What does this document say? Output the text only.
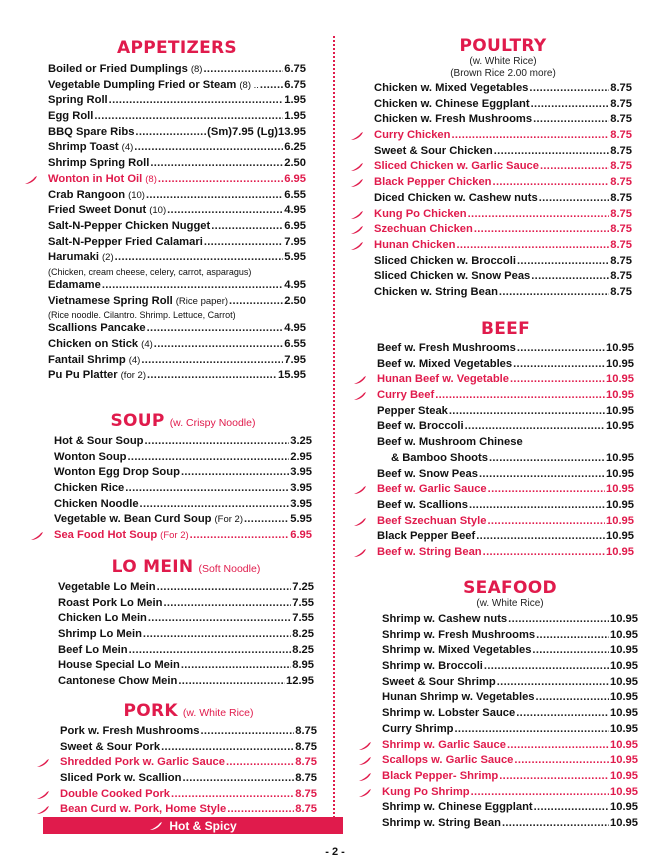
APPETIZERS
Boiled or Fried Dumplings (8) .....	6.75
Vegetable Dumpling Fried or Steam (8) .. ..... 6.75
Spring Roll .....	1.95
Egg Roll .....	1.95
BBQ Spare Ribs .....	(Sm)7.95 (Lg)13.95
Shrimp Toast (4) .....	6.25
Shrimp Spring Roll .....	2.50
Wonton in Hot Oil (8) .....	6.95
Crab Rangoon (10) .....	6.55
Fried Sweet Donut (10) .....	4.95
Salt-N-Pepper Chicken Nugget .....	6.95
Salt-N-Pepper Fried Calamari .....	7.95
Harumaki (2) .....	5.95
(Chicken, cream cheese, celery, carrot, asparagus)
Edamame .....	4.95
Vietnamese Spring Roll (Rice paper) .....	2.50
(Rice noodle. Cilantro. Shrimp. Lettuce, Carrot)
Scallions Pancake .....	4.95
Chicken on Stick (4) .....	6.55
Fantail Shrimp (4) .....	7.95
Pu Pu Platter (for 2) .....	15.95
SOUP (w. Crispy Noodle)
Hot & Sour Soup .....	3.25
Wonton Soup .....	2.95
Wonton Egg Drop Soup .....	3.95
Chicken Rice .....	3.95
Chicken Noodle .....	3.95
Vegetable w. Bean Curd Soup (For 2) .....	5.95
Sea Food Hot Soup (For 2) .....	6.95
LO MEIN (Soft Noodle)
Vegetable Lo Mein .....	7.25
Roast Pork Lo Mein .....	7.55
Chicken Lo Mein .....	7.55
Shrimp Lo Mein .....	8.25
Beef Lo Mein .....	8.25
House Special Lo Mein .....	8.95
Cantonese Chow Mein .....	12.95
PORK (w. White Rice)
Pork w. Fresh Mushrooms .....	8.75
Sweet & Sour Pork .....	8.75
Shredded Pork w. Garlic Sauce .....	8.75
Sliced Pork w. Scallion .....	8.75
Double Cooked Pork .....	8.75
Bean Curd w. Pork, Home Style .....	8.75
Hot & Spicy
POULTRY
(w. White Rice)
(Brown Rice 2.00 more)
Chicken w. Mixed Vegetables .....	8.75
Chicken w. Chinese Eggplant .....	8.75
Chicken w. Fresh Mushrooms .....	8.75
Curry Chicken .....	8.75
Sweet & Sour Chicken .....	8.75
Sliced Chicken w. Garlic Sauce .....	8.75
Black Pepper Chicken .....	8.75
Diced Chicken w. Cashew nuts .....	8.75
Kung Po Chicken .....	8.75
Szechuan Chicken .....	8.75
Hunan Chicken .....	8.75
Sliced Chicken w. Broccoli .....	8.75
Sliced Chicken w. Snow Peas .....	8.75
Chicken w. String Bean .....	8.75
BEEF
Beef w. Fresh Mushrooms .....	10.95
Beef w. Mixed Vegetables .....	10.95
Hunan Beef w. Vegetable .....	10.95
Curry Beef .....	10.95
Pepper Steak .....	10.95
Beef w. Broccoli .....	10.95
Beef w. Mushroom Chinese
& Bamboo Shoots .....	10.95
Beef w. Snow Peas .....	10.95
Beef w. Garlic Sauce .....	10.95
Beef w. Scallions .....	10.95
Beef Szechuan Style .....	10.95
Black Pepper Beef .....	10.95
Beef w. String Bean .....	10.95
SEAFOOD
(w. White Rice)
Shrimp w. Cashew nuts .....	10.95
Shrimp w. Fresh Mushrooms .....	10.95
Shrimp w. Mixed Vegetables .....	10.95
Shrimp w. Broccoli .....	10.95
Sweet & Sour Shrimp .....	10.95
Hunan Shrimp w. Vegetables .....	10.95
Shrimp w. Lobster Sauce .....	10.95
Curry Shrimp .....	10.95
Shrimp w. Garlic Sauce .....	10.95
Scallops w. Garlic Sauce .....	10.95
Black Pepper- Shrimp .....	10.95
Kung Po Shrimp .....	10.95
Shrimp w. Chinese Eggplant .....	10.95
Shrimp w. String Bean .....	10.95
- 2 -
